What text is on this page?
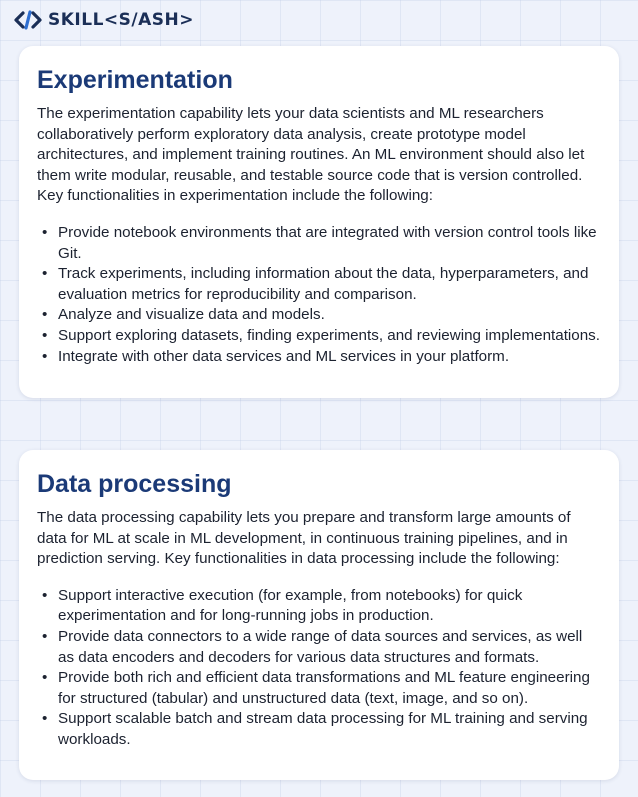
SKILL<S/ASH>
Experimentation

The experimentation capability lets your data scientists and ML researchers collaboratively perform exploratory data analysis, create prototype model architectures, and implement training routines. An ML environment should also let them write modular, reusable, and testable source code that is version controlled. Key functionalities in experimentation include the following:

• Provide notebook environments that are integrated with version control tools like Git.
• Track experiments, including information about the data, hyperparameters, and evaluation metrics for reproducibility and comparison.
• Analyze and visualize data and models.
• Support exploring datasets, finding experiments, and reviewing implementations.
• Integrate with other data services and ML services in your platform.
Data processing

The data processing capability lets you prepare and transform large amounts of data for ML at scale in ML development, in continuous training pipelines, and in prediction serving. Key functionalities in data processing include the following:

• Support interactive execution (for example, from notebooks) for quick experimentation and for long-running jobs in production.
• Provide data connectors to a wide range of data sources and services, as well as data encoders and decoders for various data structures and formats.
• Provide both rich and efficient data transformations and ML feature engineering for structured (tabular) and unstructured data (text, image, and so on).
• Support scalable batch and stream data processing for ML training and serving workloads.
